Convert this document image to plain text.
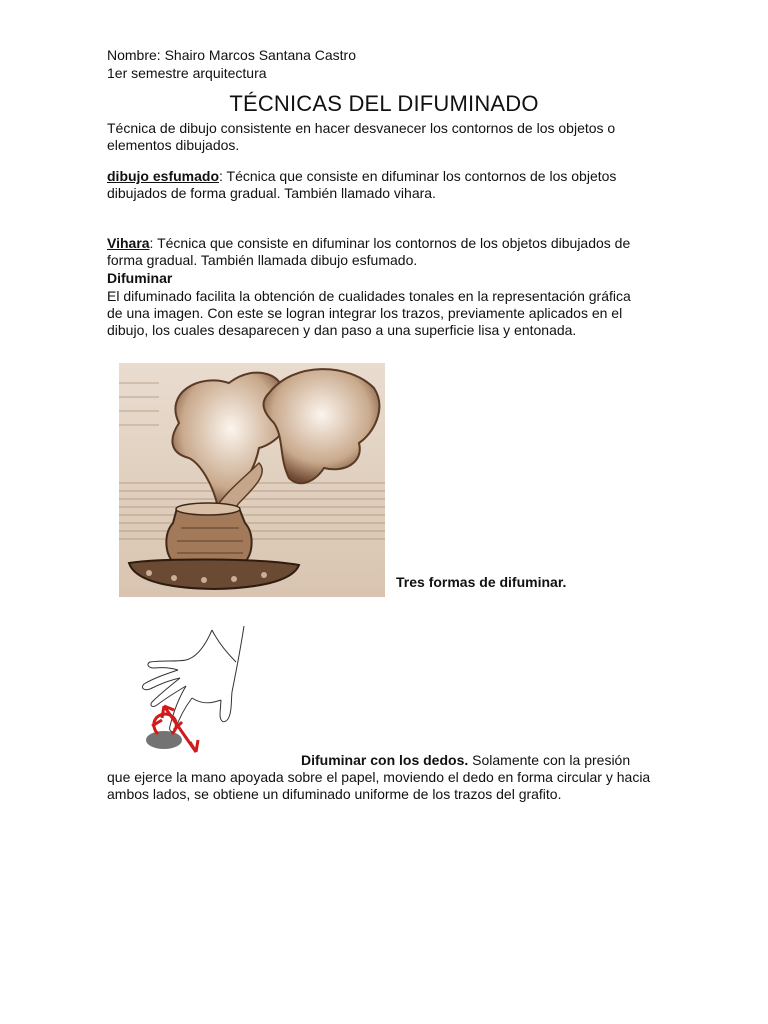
Nombre: Shairo Marcos Santana Castro

1er semestre arquitectura

TÉCNICAS DEL DIFUMINADO

Técnica de dibujo consistente en hacer desvanecer los contornos de los objetos o elementos dibujados.

dibujo esfumado: Técnica que consiste en difuminar los contornos de los objetos dibujados de forma gradual. También llamado vihara.

Vihara: Técnica que consiste en difuminar los contornos de los objetos dibujados de forma gradual. También llamada dibujo esfumado.

Difuminar

El difuminado facilita la obtención de cualidades tonales en la representación gráfica de una imagen. Con este se logran integrar los trazos, previamente aplicados en el dibujo, los cuales desaparecen y dan paso a una superficie lisa y entonada.

Tres formas de difuminar.

Difuminar con los dedos. Solamente con la presión que ejerce la mano apoyada sobre el papel, moviendo el dedo en forma circular y hacia ambos lados, se obtiene un difuminado uniforme de los trazos del grafito.
